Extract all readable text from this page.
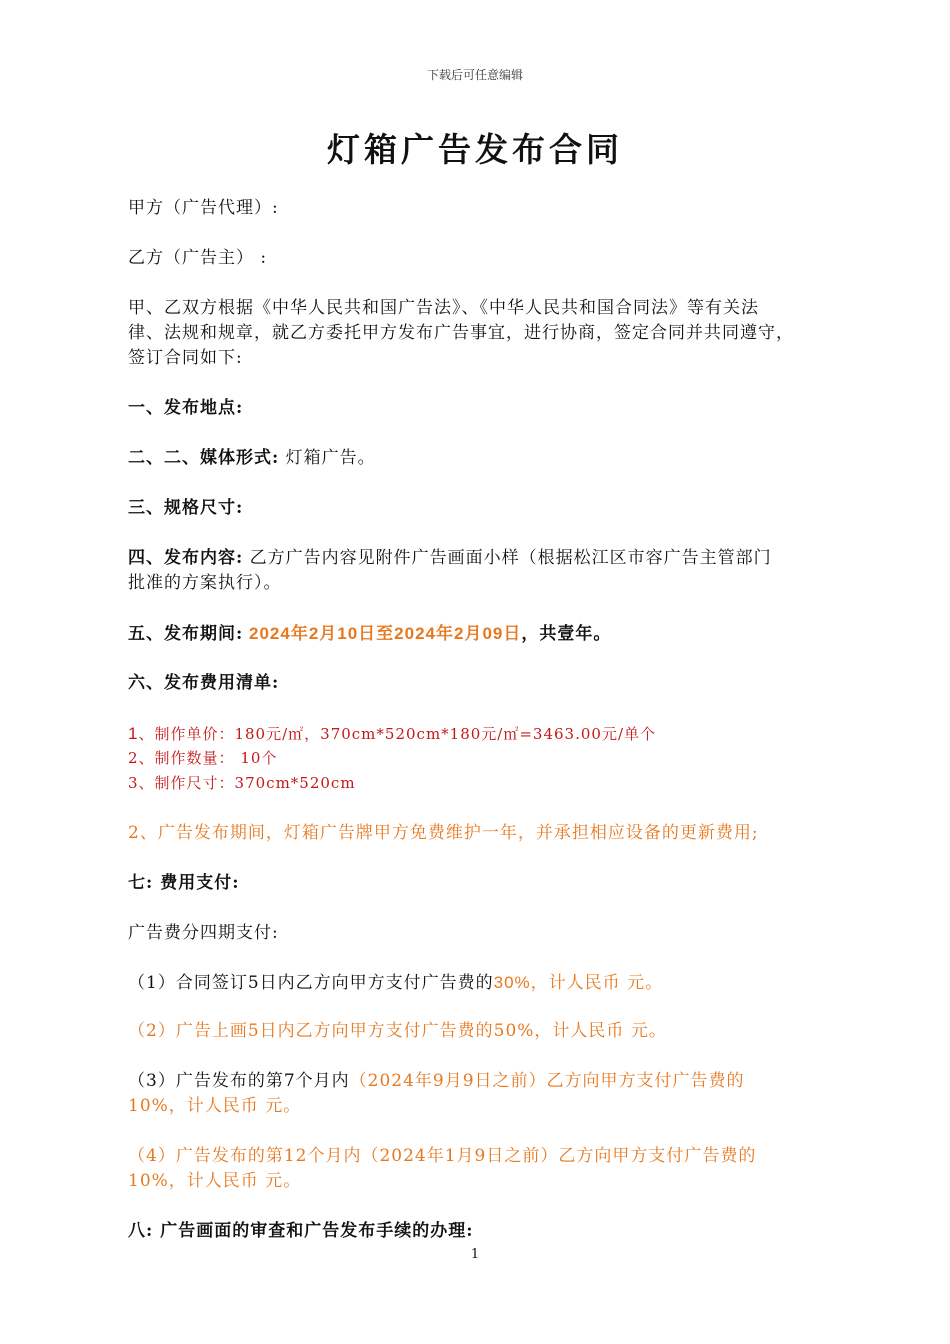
下载后可任意编辑
灯箱广告发布合同
甲方（广告代理）:
乙方（广告主） :
甲、乙双方根据《中华人民共和国广告法》、《中华人民共和国合同法》等有关法
律、法规和规章，就乙方委托甲方发布广告事宜，进行协商，签定合同并共同遵守，
签订合同如下:
一、发布地点:
二、二、媒体形式: 灯箱广告。
三、规格尺寸:
四、发布内容: 乙方广告内容见附件广告画面小样（根据松江区市容广告主管部门
批准的方案执行）。
五、发布期间: 2024年2月10日至2024年2月09日，共壹年。
六、发布费用清单:
1、制作单价：180元/㎡，370cm*520cm*180元/㎡=3463.00元/单个
2、制作数量： 10个
3、制作尺寸：370cm*520cm
2、广告发布期间，灯箱广告牌甲方免费维护一年，并承担相应设备的更新费用;
七: 费用支付:
广告费分四期支付:
（1）合同签订5日内乙方向甲方支付广告费的30%，计人民币 元。
（2）广告上画5日内乙方向甲方支付广告费的50%，计人民币 元。
（3）广告发布的第7个月内（2024年9月9日之前）乙方向甲方支付广告费的
10%，计人民币 元。
（4）广告发布的第12个月内（2024年1月9日之前）乙方向甲方支付广告费的
10%，计人民币 元。
八: 广告画面的审查和广告发布手续的办理:
1
